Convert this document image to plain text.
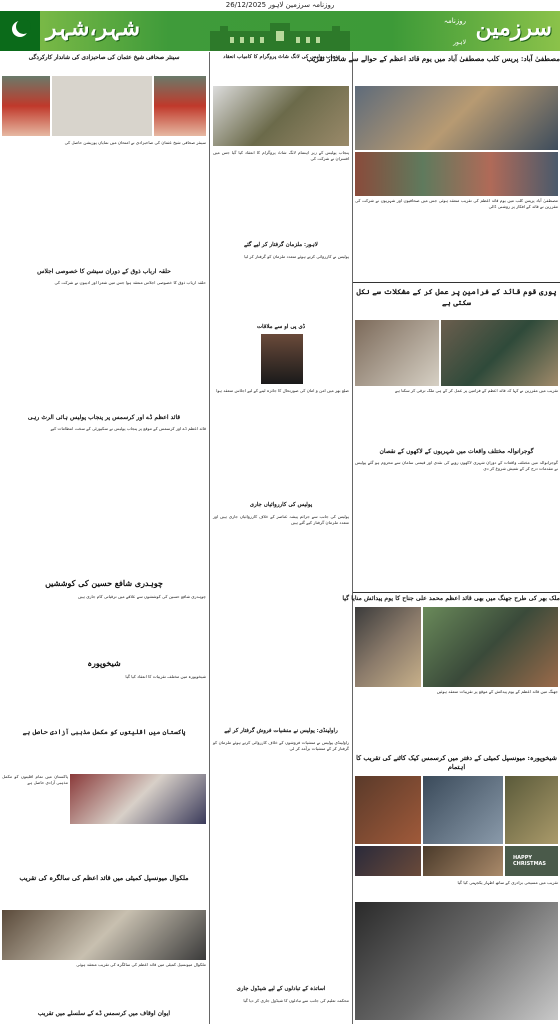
روزنامہ سرزمین لاہور 26/12/2025
شہر،شہر	سرزمین
روزنامہ
لاہور
مصطفیٰ آباد: پریس کلب مصطفیٰ آباد میں یوم قائد اعظم کے حوالے سے شاندار تقریب
مصطفیٰ آباد پریس کلب میں یوم قائد اعظم کی تقریب منعقد ہوئی جس میں صحافیوں اور شہریوں نے شرکت کی مقررین نے قائد کے افکار پر روشنی ڈالی
پوری قوم قائد کے فرامین پر عمل کر کے مشکلات سے نکل سکتی ہے
تقریب میں مقررین نے کہا کہ قائد اعظم کے فرامین پر عمل کر کے ہی ملک ترقی کر سکتا ہے
گوجرانوالہ مختلف واقعات میں شہریوں کے لاکھوں کے نقصان
گوجرانوالہ میں مختلف واقعات کے دوران شہری لاکھوں روپے کی نقدی اور قیمتی سامان سے محروم ہو گئے پولیس نے مقدمات درج کر کے تفتیش شروع کر دی
ملک بھر کی طرح جھنگ میں بھی قائد اعظم محمد علی جناح کا یوم پیدائش منایا گیا
جھنگ میں قائد اعظم کے یوم پیدائش کے موقع پر تقریبات منعقد ہوئیں
شیخوپورہ: میونسپل کمیٹی کے دفتر میں کرسمس کیک کاٹنے کی تقریب کا اہتمام
HAPPY CHRISTMAS
تقریب میں مسیحی برادری کے ساتھ اظہار یکجہتی کیا گیا
پنجاب پولیس کی لانگ شاٹ پروگرام کا کامیاب انعقاد
پنجاب پولیس کے زیر اہتمام لانگ شاٹ پروگرام کا انعقاد کیا گیا جس میں افسران نے شرکت کی
لاہور: ملزمان گرفتار کر لیے گئے
پولیس نے کارروائی کرتے ہوئے متعدد ملزمان کو گرفتار کر لیا
ڈی پی او سے ملاقات
ضلع بھر میں امن و امان کی صورتحال کا جائزہ لینے کے لیے اجلاس منعقد ہوا
پولیس کی کارروائیاں جاری
پولیس کی جانب سے جرائم پیشہ عناصر کے خلاف کارروائیاں جاری ہیں اور متعدد ملزمان گرفتار کیے گئے ہیں
راولپنڈی: پولیس نے منشیات فروش گرفتار کر لیے
راولپنڈی پولیس نے منشیات فروشوں کے خلاف کارروائی کرتے ہوئے ملزمان کو گرفتار کر کے منشیات برآمد کر لی
اساتذہ کے تبادلوں کے لیے شیڈول جاری
محکمہ تعلیم کی جانب سے تبادلوں کا شیڈول جاری کر دیا گیا
سینئر صحافی شیخ عثمان کی صاحبزادی کی شاندار کارکردگی
سینئر صحافی شیخ عثمان کی صاحبزادی نے امتحان میں نمایاں پوزیشن حاصل کی
حلقہ ارباب ذوق کے دوران سیشن کا خصوصی اجلاس
حلقہ ارباب ذوق کا خصوصی اجلاس منعقد ہوا جس میں شعرا اور ادیبوں نے شرکت کی
قائد اعظم ڈے اور کرسمس پر پنجاب پولیس ہائی الرٹ رہی
قائد اعظم ڈے اور کرسمس کے موقع پر پنجاب پولیس نے سکیورٹی کے سخت انتظامات کیے
چوہدری شافع حسین کی کوششیں
چوہدری شافع حسین کی کوششوں سے علاقے میں ترقیاتی کام جاری ہیں
شیخوپورہ
شیخوپورہ میں مختلف تقریبات کا انعقاد کیا گیا
پاکستان میں اقلیتوں کو مکمل مذہبی آزادی حاصل ہے
پاکستان میں تمام اقلیتوں کو مکمل مذہبی آزادی حاصل ہے
ملکوال میونسپل کمیٹی میں قائد اعظم کی سالگرہ کی تقریب
ملکوال میونسپل کمیٹی میں قائد اعظم کی سالگرہ کی تقریب منعقد ہوئی
ایوان اوقاف میں کرسمس ڈے کے سلسلے میں تقریب
